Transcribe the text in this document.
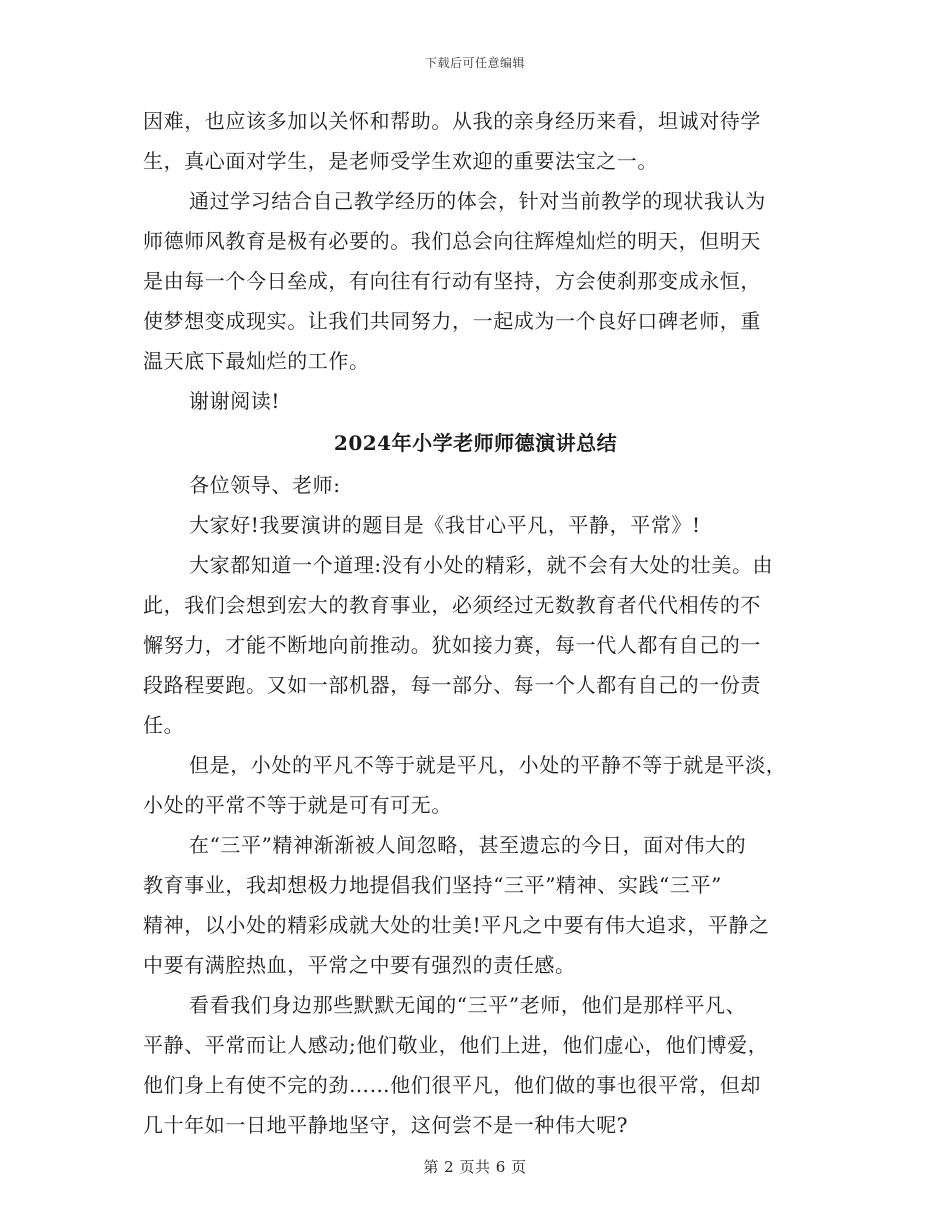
下载后可任意编辑
因难，也应该多加以关怀和帮助。从我的亲身经历来看，坦诚对待学
生，真心面对学生，是老师受学生欢迎的重要法宝之一。
通过学习结合自己教学经历的体会，针对当前教学的现状我认为
师德师风教育是极有必要的。我们总会向往辉煌灿烂的明天，但明天
是由每一个今日垒成，有向往有行动有坚持，方会使刹那变成永恒，
使梦想变成现实。让我们共同努力，一起成为一个良好口碑老师，重
温天底下最灿烂的工作。
谢谢阅读!
2024年小学老师师德演讲总结
各位领导、老师:
大家好!我要演讲的题目是《我甘心平凡，平静，平常》!
大家都知道一个道理:没有小处的精彩，就不会有大处的壮美。由
此，我们会想到宏大的教育事业，必须经过无数教育者代代相传的不
懈努力，才能不断地向前推动。犹如接力赛，每一代人都有自己的一
段路程要跑。又如一部机器，每一部分、每一个人都有自己的一份责
任。
但是，小处的平凡不等于就是平凡，小处的平静不等于就是平淡，
小处的平常不等于就是可有可无。
在“三平”精神渐渐被人间忽略，甚至遗忘的今日，面对伟大的
教育事业，我却想极力地提倡我们坚持“三平”精神、实践“三平”
精神，以小处的精彩成就大处的壮美!平凡之中要有伟大追求，平静之
中要有满腔热血，平常之中要有强烈的责任感。
看看我们身边那些默默无闻的“三平”老师，他们是那样平凡、
平静、平常而让人感动;他们敬业，他们上进，他们虚心，他们博爱，
他们身上有使不完的劲……他们很平凡，他们做的事也很平常，但却
几十年如一日地平静地坚守，这何尝不是一种伟大呢?
第 2 页共 6 页
